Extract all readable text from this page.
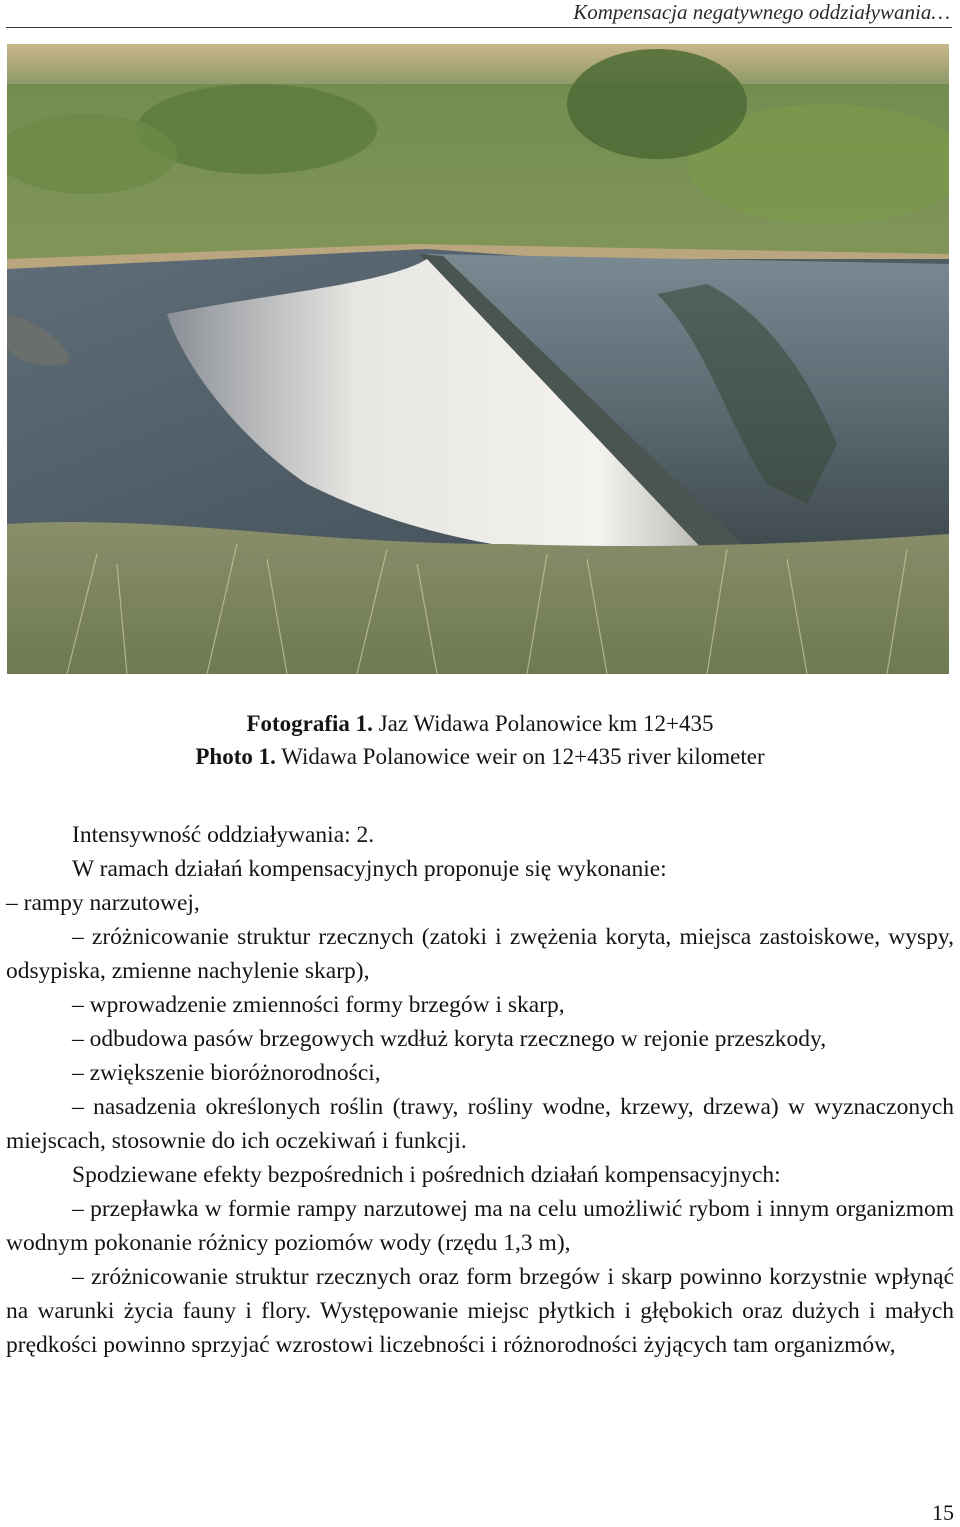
Kompensacja negatywnego oddziaływania…
Fotografia 1. Jaz Widawa Polanowice km 12+435
Photo 1. Widawa Polanowice weir on 12+435 river kilometer

Intensywność oddziaływania: 2.

W ramach działań kompensacyjnych proponuje się wykonanie:

– rampy narzutowej,

– zróżnicowanie struktur rzecznych (zatoki i zwężenia koryta, miejsca zastoiskowe, wyspy, odsypiska, zmienne nachylenie skarp),

– wprowadzenie zmienności formy brzegów i skarp,

– odbudowa pasów brzegowych wzdłuż koryta rzecznego w rejonie przeszkody,

– zwiększenie bioróżnorodności,

– nasadzenia określonych roślin (trawy, rośliny wodne, krzewy, drzewa) w wyznaczonych miejscach, stosownie do ich oczekiwań i funkcji.

Spodziewane efekty bezpośrednich i pośrednich działań kompensacyjnych:

– przepławka w formie rampy narzutowej ma na celu umożliwić rybom i innym organizmom wodnym pokonanie różnicy poziomów wody (rzędu 1,3 m),

– zróżnicowanie struktur rzecznych oraz form brzegów i skarp powinno korzystnie wpłynąć na warunki życia fauny i flory. Występowanie miejsc płytkich i głębokich oraz dużych i małych prędkości powinno sprzyjać wzrostowi liczebności i różnorodności żyjących tam organizmów,

15
